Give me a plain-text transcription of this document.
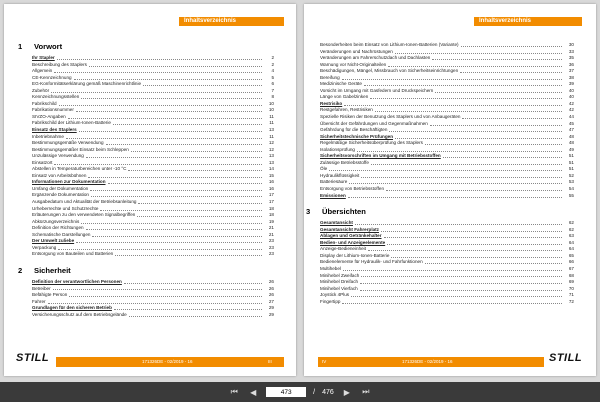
Inhaltsverzeichnis
1	Vorwort
Ihr Stapler	2
Beschreibung des Staplers	2
Allgemein	4
CE-Kennzeichnung	5
EG-Konformitätserklärung gemäß Maschinenrichtlinie	6
Zubehör	7
Kennzeichnungsstellen	8
Fabrikschild	10
Fabrikationsnummer	10
SIVZO-Angaben	11
Fabrikschild der Lithium-Ionen-Batterie	11
Einsatz des Staplers	13
Inbetriebnahme	11
Bestimmungsgemäße Verwendung	12
Bestimmungsgemäßer Einsatz beim Schleppen	12
Unzulässige Verwendung	13
Einsatzort	13
Abstellen in Temperaturbereichen unter -10 °C	14
Einsatz von Arbeitsbühnen	15
Informationen zur Dokumentation	16
Umfang der Dokumentation	16
Ergänzende Dokumentation	17
Ausgabedatum und Aktualität der Betriebsanleitung	17
Urheberrechte und Schutzrechte	18
Erläuterungen zu den verwendeten Signalbegriffen	18
Abkürzungsverzeichnis	19
Definition der Richtungen	21
Schematische Darstellungen	21
Der Umwelt zuliebe	23
Verpackung	23
Entsorgung von Bauteilen und Batterien	23
2	Sicherheit
Definition der verantwortlichen Personen	26
Betreiber	26
Befähigte Person	26
Fahrer	27
Grundlagen für den sicheren Betrieb	29
Versicherungsschutz auf dem Betriebsgelände	29
STILL	171326DE - 02/2019 - 16	III
Inhaltsverzeichnis
Besonderheiten beim Einsatz von Lithium-Ionen-Batterien (Variante)	30
Veränderungen und Nachrüstungen	33
Veränderungen am Fahrerschutzdach und Dachlasten	35
Warnung vor Nicht-Originalteilen	36
Beschädigungen, Mängel, Missbrauch von Sicherheitseinrichtungen	37
Bereifung	38
Medizinische Geräte	39
Vorsicht im Umgang mit Gasfedern und Druckspeichern	40
Länge von Gabelzinken	40
Restrisiko	42
Restgefahren, Restrisiken	42
Spezielle Risiken der Benutzung des Staplers und von Anbaugeräten	44
Übersicht der Gefährdungen und Gegenmaßnahmen	45
Gefährdung für die Beschäftigten	47
Sicherheitstechnische Prüfungen	48
Regelmäßige Sicherheitsüberprüfung des Staplers	48
Isolationsprüfung	49
Sicherheitsvorschriften im Umgang mit Betriebsstoffen	51
Zulässige Betriebsstoffe	51
Öle	51
Hydraulikflüssigkeit	52
Batteriesäure	53
Entsorgung von Betriebsstoffen	54
Emissionen	55
3	Übersichten
Gesamtansicht	62
Gesamtansicht Fahrerplatz	62
Ablagen und Getränkehalter	63
Bedien- und Anzeigeelemente	64
Anzeige-Bedieneinheit	64
Display der Lithium-Ionen-Batterie	65
Bedienelemente für Hydraulik- und Fahrfunktionen	66
Multihebel	67
Minihebel Zweifach	68
Minihebel Dreifach	69
Minihebel Vierfach	70
Joystick 4Plus	71
Fingertipp	72
STILL
IV	171326DE - 02/2019 - 16
⏮	◀	473	/ 476	▶	⏭
